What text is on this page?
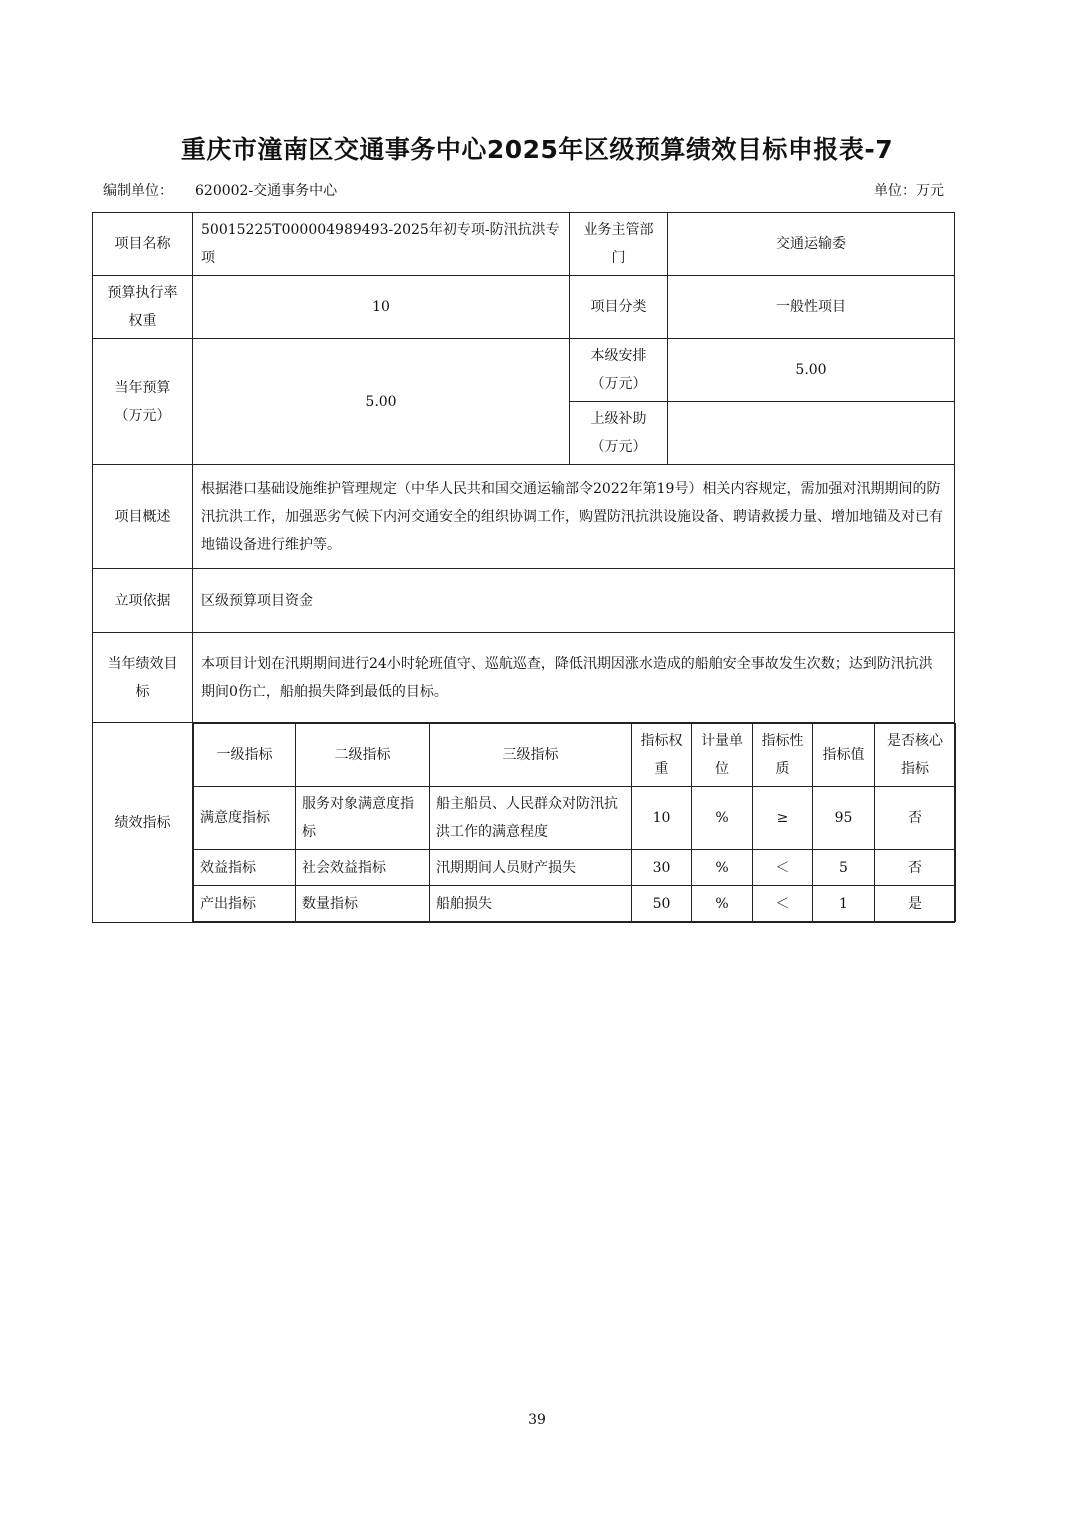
重庆市潼南区交通事务中心2025年区级预算绩效目标申报表-7
编制单位： 620002-交通事务中心	单位：万元
项目名称	50015225T000004989493-2025年初专项-防汛抗洪专项	业务主管部门	交通运输委
预算执行率权重	10	项目分类	一般性项目
当年预算（万元）	5.00	本级安排（万元）	5.00
上级补助（万元）	
项目概述	根据港口基础设施维护管理规定（中华人民共和国交通运输部令2022年第19号）相关内容规定，需加强对汛期期间的防汛抗洪工作，加强恶劣气候下内河交通安全的组织协调工作，购置防汛抗洪设施设备、聘请救援力量、增加地锚及对已有地锚设备进行维护等。
立项依据	区级预算项目资金
当年绩效目标	本项目计划在汛期期间进行24小时轮班值守、巡航巡查，降低汛期因涨水造成的船舶安全事故发生次数；达到防汛抗洪期间0伤亡，船舶损失降到最低的目标。
绩效指标	
一级指标	二级指标	三级指标	指标权重	计量单位	指标性质	指标值	是否核心指标
满意度指标	服务对象满意度指标	船主船员、人民群众对防汛抗洪工作的满意程度	10	%	≥	95	否
效益指标	社会效益指标	汛期期间人员财产损失	30	%	＜	5	否
产出指标	数量指标	船舶损失	50	%	＜	1	是
39
